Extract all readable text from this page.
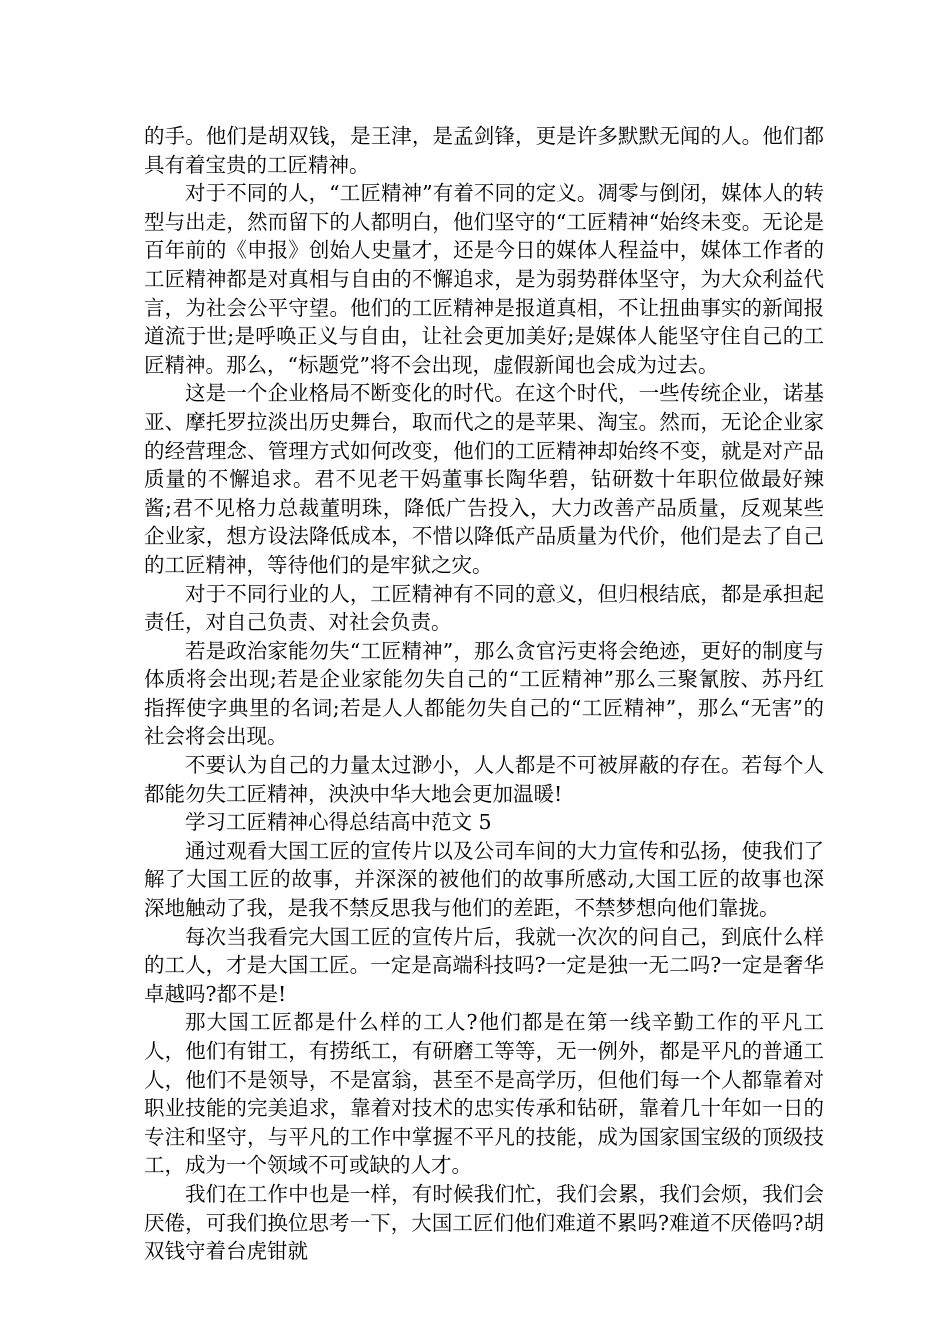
的手。他们是胡双钱，是王津，是孟剑锋，更是许多默默无闻的人。他们都具有着宝贵的工匠精神。

对于不同的人，“工匠精神”有着不同的定义。凋零与倒闭，媒体人的转型与出走，然而留下的人都明白，他们坚守的“工匠精神“始终未变。无论是百年前的《申报》创始人史量才，还是今日的媒体人程益中，媒体工作者的工匠精神都是对真相与自由的不懈追求，是为弱势群体坚守，为大众利益代言，为社会公平守望。他们的工匠精神是报道真相，不让扭曲事实的新闻报道流于世;是呼唤正义与自由，让社会更加美好;是媒体人能坚守住自己的工匠精神。那么，“标题党”将不会出现，虚假新闻也会成为过去。

这是一个企业格局不断变化的时代。在这个时代，一些传统企业，诺基亚、摩托罗拉淡出历史舞台，取而代之的是苹果、淘宝。然而，无论企业家的经营理念、管理方式如何改变，他们的工匠精神却始终不变，就是对产品质量的不懈追求。君不见老干妈董事长陶华碧，钻研数十年职位做最好辣酱;君不见格力总裁董明珠，降低广告投入，大力改善产品质量，反观某些企业家，想方设法降低成本，不惜以降低产品质量为代价，他们是去了自己的工匠精神，等待他们的是牢狱之灾。

对于不同行业的人，工匠精神有不同的意义，但归根结底，都是承担起责任，对自己负责、对社会负责。

若是政治家能勿失“工匠精神”，那么贪官污吏将会绝迹，更好的制度与体质将会出现;若是企业家能勿失自己的“工匠精神”那么三聚氰胺、苏丹红指挥使字典里的名词;若是人人都能勿失自己的“工匠精神”，那么“无害”的社会将会出现。

不要认为自己的力量太过渺小，人人都是不可被屏蔽的存在。若每个人都能勿失工匠精神，泱泱中华大地会更加温暖!

学习工匠精神心得总结高中范文 5

通过观看大国工匠的宣传片以及公司车间的大力宣传和弘扬，使我们了解了大国工匠的故事，并深深的被他们的故事所感动,大国工匠的故事也深深地触动了我，是我不禁反思我与他们的差距，不禁梦想向他们靠拢。

每次当我看完大国工匠的宣传片后，我就一次次的问自己，到底什么样的工人，才是大国工匠。一定是高端科技吗?一定是独一无二吗?一定是奢华卓越吗?都不是!

那大国工匠都是什么样的工人?他们都是在第一线辛勤工作的平凡工人，他们有钳工，有捞纸工，有研磨工等等，无一例外，都是平凡的普通工人，他们不是领导，不是富翁，甚至不是高学历，但他们每一个人都靠着对职业技能的完美追求，靠着对技术的忠实传承和钻研，靠着几十年如一日的专注和坚守，与平凡的工作中掌握不平凡的技能，成为国家国宝级的顶级技工，成为一个领域不可或缺的人才。

我们在工作中也是一样，有时候我们忙，我们会累，我们会烦，我们会厌倦，可我们换位思考一下，大国工匠们他们难道不累吗?难道不厌倦吗?胡双钱守着台虎钳就
